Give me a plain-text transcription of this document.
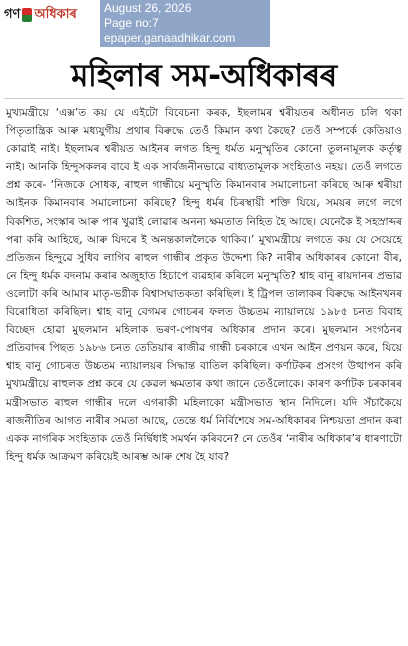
গণ অধিকাৰ August 26, 2026
Page no:7
epaper.ganaadhikar.com
মহিলাৰ সম-অধিকাৰৰ

মুখ্যমন্ত্ৰীয়ে ‘এক্স’ত কয় যে এইটো বিবেচনা কৰক, ইছলামৰ শ্বৰীয়তৰ অধীনত চলি থকা পিতৃতান্ত্ৰিক আৰু মধ্যযুগীয় প্ৰথাৰ বিৰুদ্ধে তেওঁ কিমান কথা কৈছে? তেওঁ সম্পৰ্কে কেতিয়াও কোৱাই নাই। ইছলামৰ শ্বৰীয়ত আইনৰ লগত হিন্দু ধৰ্মত মনুস্মৃতিৰ কোনো তুলনামূলক কৰ্তৃত্ব নাই। আনকি হিন্দুসকলৰ বাবে ই এক সাৰ্বজনীনভাৱে বাধ্যতামূলক সংহিতাও নহয়। তেওঁ লগতে প্ৰশ্ন কৰে- ‘নিজকে সোধক, ৰাহুল গান্ধীয়ে মনুস্মৃতি কিমানবাৰ সমালোচনা কৰিছে আৰু শ্বৰীয়া আইনক কিমানবাৰ সমালোচনা কৰিছে? হিন্দু ধৰ্মৰ চিৰস্থায়ী শক্তি যিয়ে, সময়ৰ লগে লগে বিকশিত, সংস্কাৰ আৰু পাৰ খুৱাই লোৱাৰ অনন্য ক্ষমতাত নিহিত হৈ আছে। যেনেকৈ ই সহস্ৰাব্দৰ পৰা কৰি আহিছে, আৰু যিদৰে ই অনন্তকাললৈকে থাকিব।’ মুখ্যমন্ত্ৰীয়ে লগতে কয় যে সেয়েহে প্ৰতিজন হিন্দুৱে সুধিব লাগিব ৰাহুল গান্ধীৰ প্ৰকৃত উদ্দেশ্য কি? নাৰীৰ অধিকাৰৰ কোনো বীৰ, নে হিন্দু ধৰ্মক বদনাম কৰাৰ অজুহাত হিচাপে ব্যৱহাৰ কৰিলে মনুস্মৃতি? শ্বাহ বানু ৰায়দানৰ প্ৰভাৱ ওলোটা কৰি আমাৰ মাতৃ-ভগ্নীক বিশ্বাসঘাতকতা কৰিছিল। ই ট্ৰিপল তালাকৰ বিৰুদ্ধে আইনখনৰ বিৰোধিতা কৰিছিল। শ্বাহ বানু বেগমৰ গোচৰৰ ফলত উচ্চতম ন্যায়ালয়ে ১৯৮৫ চনত বিবাহ বিচ্ছেদ হোৱা মুছলমান মহিলাক ভৰণ-পোষণৰ অধিকাৰ প্ৰদান কৰে। মুছলমান সংগঠনৰ প্ৰতিবাদৰ পিছত ১৯৮৬ চনত তেতিয়াৰ ৰাজীৱ গান্ধী চৰকাৰে এখন আইন প্ৰণয়ন কৰে, যিয়ে শ্বাহ বানু গোচৰত উচ্চতম ন্যায়ালয়ৰ সিদ্ধান্ত বাতিল কৰিছিল। কৰ্ণাটকৰ প্ৰসংগ উত্থাপন কৰি মুখ্যমন্ত্ৰীয়ে ৰাহুলক প্ৰশ্ন কৰে যে কেৱল ক্ষমতাৰ কথা জানে তেওঁলোকে। কাৰণ কৰ্ণাটক চৰকাৰৰ মন্ত্ৰীসভাত ৰাহুল গান্ধীৰ দলে এগৰাকী মহিলাকো মন্ত্ৰীসভাত স্থান নিদিলে। যদি সঁচাকৈয়ে ৰাজনীতিৰ আগত নাৰীৰ সমতা আছে, তেন্তে ধৰ্ম নিৰ্বিশেষে সম-অধিকাৰৰ নিশ্চয়তা প্ৰদান কৰা একক নাগৰিক সংহিতাক তেওঁ নিৰ্দ্বিধাই সমৰ্থন কৰিবনে? নে তেওঁৰ ‘নাৰীৰ অধিকাৰ’ৰ ধাৰণাটো হিন্দু ধৰ্মক আক্ৰমণ কৰিয়েই আৰম্ভ আৰু শেষ হৈ যাব?
